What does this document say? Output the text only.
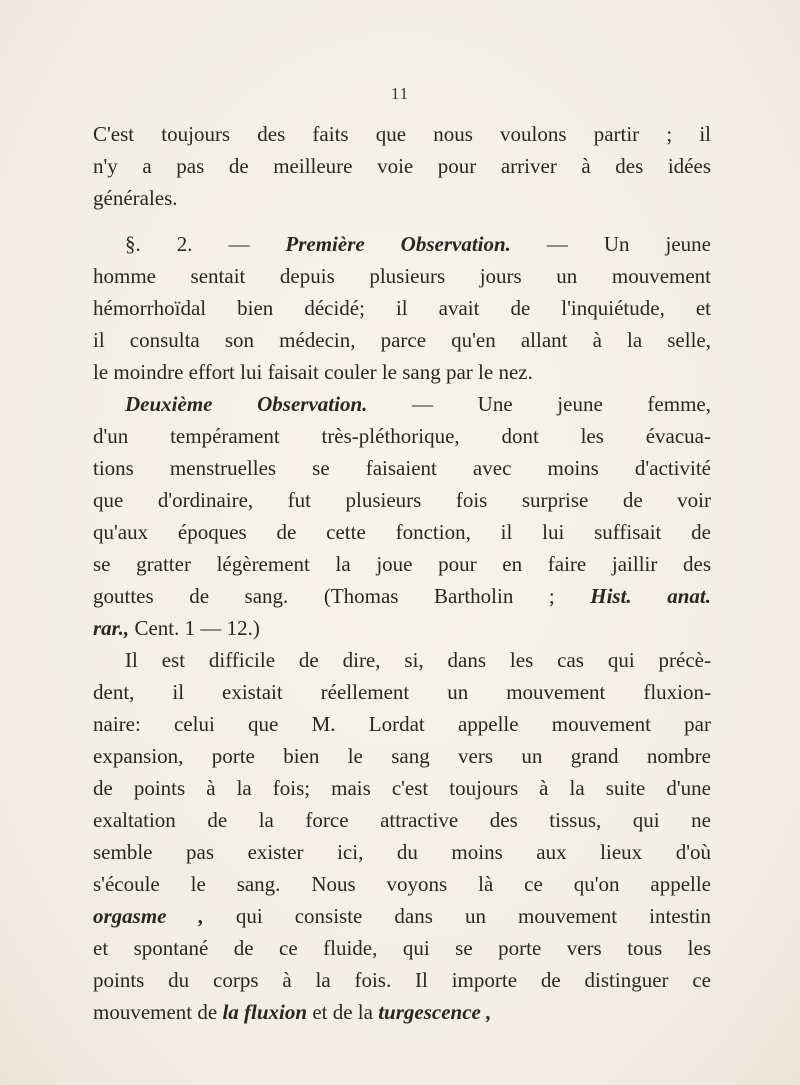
11
C'est toujours des faits que nous voulons partir ; il
n'y a pas de meilleure voie pour arriver à des idées
générales.
§. 2. — Première Observation. — Un jeune
homme sentait depuis plusieurs jours un mouvement
hémorrhoïdal bien décidé; il avait de l'inquiétude, et
il consulta son médecin, parce qu'en allant à la selle,
le moindre effort lui faisait couler le sang par le nez.
Deuxième Observation. — Une jeune femme,
d'un tempérament très-pléthorique, dont les évacua-
tions menstruelles se faisaient avec moins d'activité
que d'ordinaire, fut plusieurs fois surprise de voir
qu'aux époques de cette fonction, il lui suffisait de
se gratter légèrement la joue pour en faire jaillir des
gouttes de sang. (Thomas Bartholin ; Hist. anat.
rar., Cent. 1 — 12.)
Il est difficile de dire, si, dans les cas qui précè-
dent, il existait réellement un mouvement fluxion-
naire: celui que M. Lordat appelle mouvement par
expansion, porte bien le sang vers un grand nombre
de points à la fois; mais c'est toujours à la suite d'une
exaltation de la force attractive des tissus, qui ne
semble pas exister ici, du moins aux lieux d'où
s'écoule le sang. Nous voyons là ce qu'on appelle
orgasme , qui consiste dans un mouvement intestin
et spontané de ce fluide, qui se porte vers tous les
points du corps à la fois. Il importe de distinguer ce
mouvement de la fluxion et de la turgescence ,
